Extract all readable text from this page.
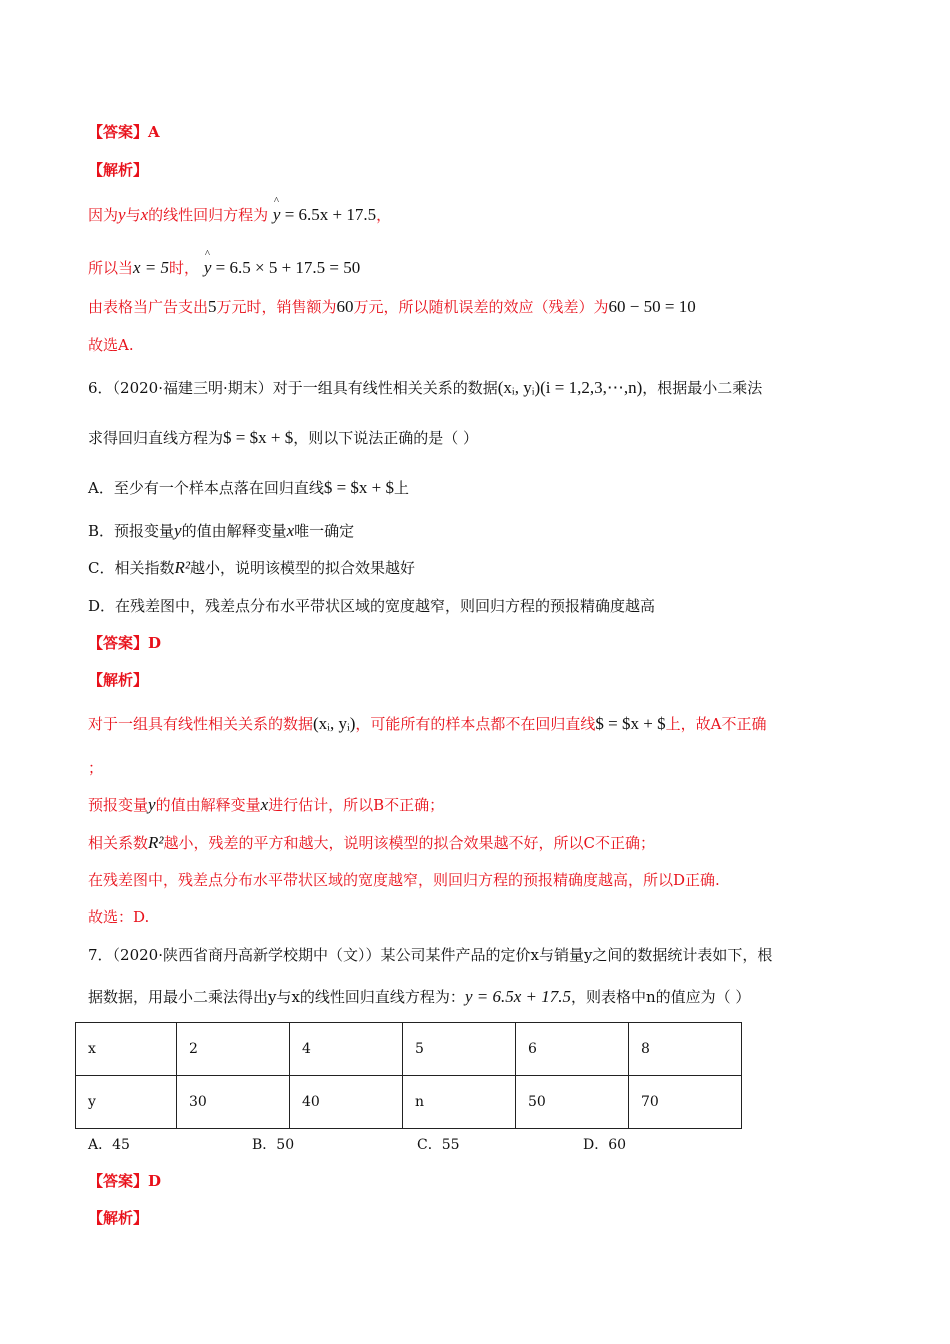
【答案】A
【解析】
因为y与x的线性回归方程为 ^ y = 6.5x + 17.5，
所以当x = 5时， ^ y = 6.5 × 5 + 17.5 = 50
由表格当广告支出5万元时，销售额为60万元，所以随机误差的效应（残差）为60 − 50 = 10
故选A.
6．（2020·福建三明·期末）对于一组具有线性相关关系的数据(xᵢ, yᵢ)(i = 1,2,3,⋯,n)，根据最小二乘法
求得回归直线方程为$ = $x + $，则以下说法正确的是（ ）
A．至少有一个样本点落在回归直线$ = $x + $上
B．预报变量y的值由解释变量x唯一确定
C．相关指数R²越小，说明该模型的拟合效果越好
D．在残差图中，残差点分布水平带状区域的宽度越窄，则回归方程的预报精确度越高
【答案】D
【解析】
对于一组具有线性相关关系的数据(xᵢ, yᵢ)，可能所有的样本点都不在回归直线$ = $x + $上，故A不正确
；
预报变量y的值由解释变量x进行估计，所以B不正确；
相关系数R²越小，残差的平方和越大，说明该模型的拟合效果越不好，所以C不正确；
在残差图中，残差点分布水平带状区域的宽度越窄，则回归方程的预报精确度越高，所以D正确.
故选：D.
7．（2020·陕西省商丹高新学校期中（文））某公司某件产品的定价x与销量y之间的数据统计表如下，根
据数据，用最小二乘法得出y与x的线性回归直线方程为：y = 6.5x + 17.5，则表格中n的值应为（ ）
x	2	4	5	6	8
y	30	40	n	50	70
A．45	B．50	C．55	D．60
【答案】D
【解析】
